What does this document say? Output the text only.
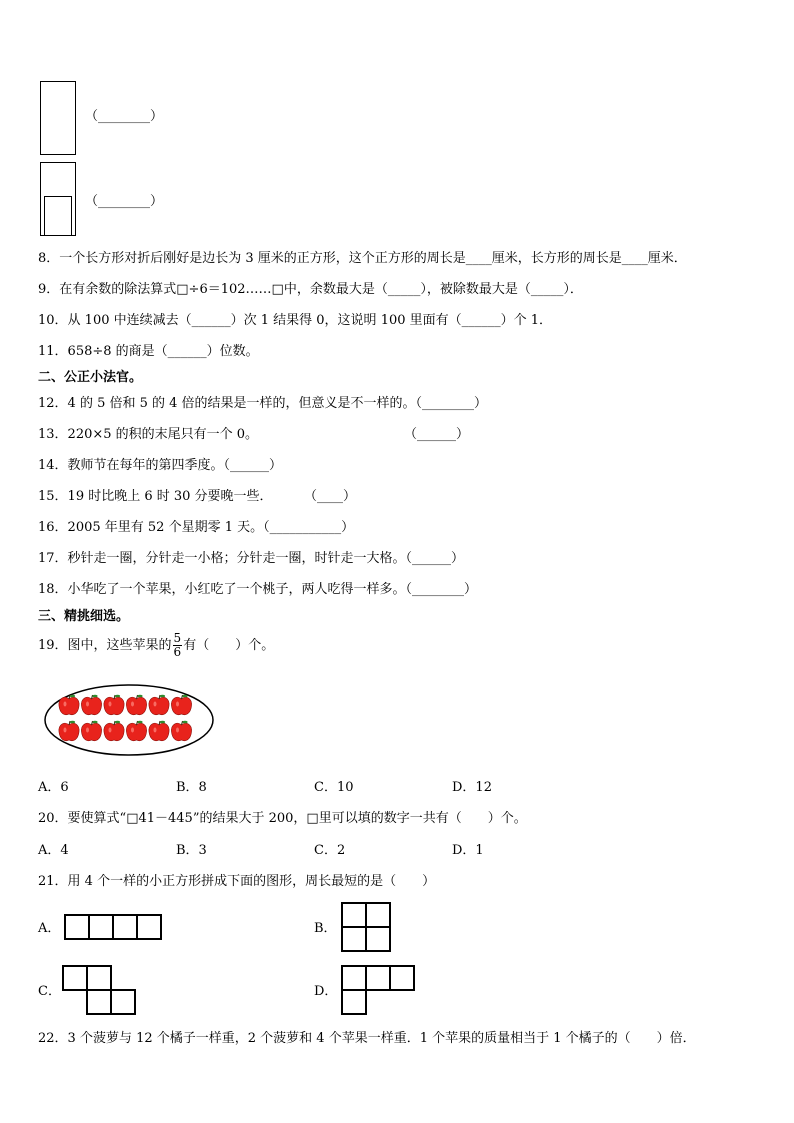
（________）
（________）
8．一个长方形对折后刚好是边长为 3 厘米的正方形，这个正方形的周长是____厘米，长方形的周长是____厘米．
9．在有余数的除法算式□÷6＝102……□中，余数最大是（_____），被除数最大是（_____）．
10．从 100 中连续减去（______）次 1 结果得 0，这说明 100 里面有（______）个 1．
11．658÷8 的商是（______）位数。
二、公正小法官。
12．4 的 5 倍和 5 的 4 倍的结果是一样的，但意义是不一样的。（________）
13．220×5 的积的末尾只有一个 0。	（______）
14．教师节在每年的第四季度。（______）
15．19 时比晚上 6 时 30 分要晚一些． （____）
16．2005 年里有 52 个星期零 1 天。（___________）
17．秒针走一圈，分针走一小格；分针走一圈，时针走一大格。（______）
18．小华吃了一个苹果，小红吃了一个桃子，两人吃得一样多。（________）
三、精挑细选。
19．图中，这些苹果的 $\frac{5}{6}$ 有（　　）个。
A．6	B．8	C．10	D．12
20．要使算式“□41－445”的结果大于 200，□里可以填的数字一共有（　　）个。
A．4	B．3	C．2	D．1
21．用 4 个一样的小正方形拼成下面的图形，周长最短的是（　　）
A．	B．
C．	D．
22．3 个菠萝与 12 个橘子一样重，2 个菠萝和 4 个苹果一样重．1 个苹果的质量相当于 1 个橘子的（　　）倍．
